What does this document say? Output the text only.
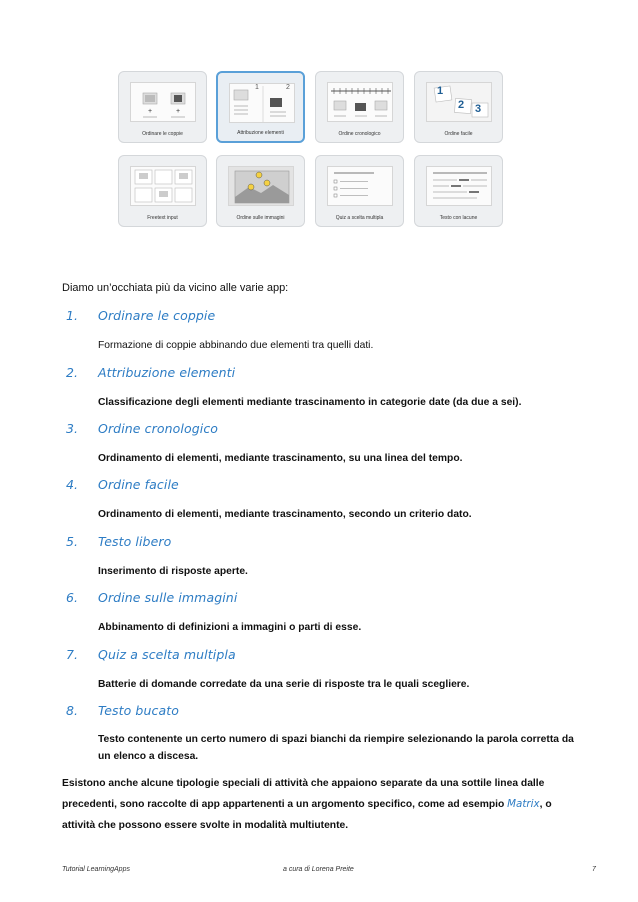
+	+
Ordinare le coppie
1	2
Attribuzione elementi	Ordine cronologico
1
2 3
Ordine facile
Freetext input	Ordine sulle immagini	Quiz a scelta multipla	Testo con lacune
Diamo un’occhiata più da vicino alle varie app:
1. Ordinare le coppie
Formazione di coppie abbinando due elementi tra quelli dati.
2. Attribuzione elementi
Classificazione degli elementi mediante trascinamento in categorie date (da due a sei).
3. Ordine cronologico
Ordinamento di elementi, mediante trascinamento, su una linea del tempo.
4. Ordine facile
Ordinamento di elementi, mediante trascinamento, secondo un criterio dato.
5. Testo libero
Inserimento di risposte aperte.
6. Ordine sulle immagini
Abbinamento di definizioni a immagini o parti di esse.
7. Quiz a scelta multipla
Batterie di domande corredate da una serie di risposte tra le quali scegliere.
8. Testo bucato
Testo contenente un certo numero di spazi bianchi da riempire selezionando la parola corretta da un elenco a discesa.
Esistono anche alcune tipologie speciali di attività che appaiono separate da una sottile linea dalle precedenti, sono raccolte di app appartenenti a un argomento specifico, come ad esempio Matrix, o attività che possono essere svolte in modalità multiutente.
Tutorial LearningApps	a cura di Lorena Preite	7
